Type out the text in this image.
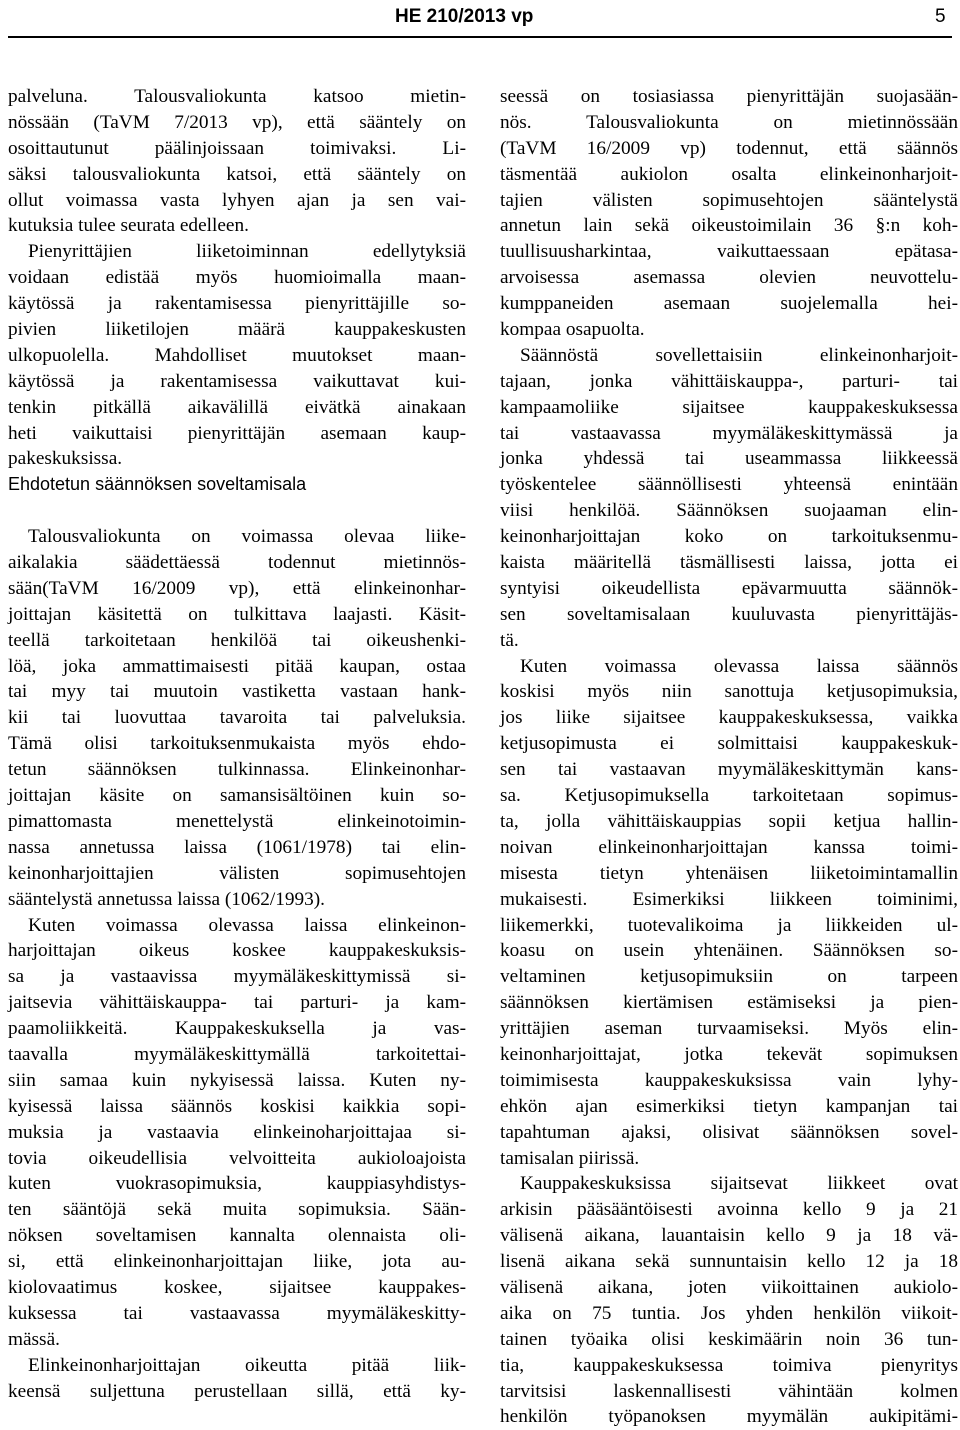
HE 210/2013 vp	5
palveluna. Talousvaliokunta katsoo mietin-
nössään (TaVM 7/2013 vp), että sääntely on
osoittautunut päälinjoissaan toimivaksi. Li-
säksi talousvaliokunta katsoi, että sääntely on
ollut voimassa vasta lyhyen ajan ja sen vai-
kutuksia tulee seurata edelleen.
Pienyrittäjien liiketoiminnan edellytyksiä
voidaan edistää myös huomioimalla maan-
käytössä ja rakentamisessa pienyrittäjille so-
pivien liiketilojen määrä kauppakeskusten
ulkopuolella. Mahdolliset muutokset maan-
käytössä ja rakentamisessa vaikuttavat kui-
tenkin pitkällä aikavälillä eivätkä ainakaan
heti vaikuttaisi pienyrittäjän asemaan kaup-
pakeskuksissa.
Ehdotetun säännöksen soveltamisala
Talousvaliokunta on voimassa olevaa liike-
aikalakia säädettäessä todennut mietinnös-
sään(TaVM 16/2009 vp), että elinkeinonhar-
joittajan käsitettä on tulkittava laajasti. Käsit-
teellä tarkoitetaan henkilöä tai oikeushenki-
löä, joka ammattimaisesti pitää kaupan, ostaa
tai myy tai muutoin vastiketta vastaan hank-
kii tai luovuttaa tavaroita tai palveluksia.
Tämä olisi tarkoituksenmukaista myös ehdo-
tetun säännöksen tulkinnassa. Elinkeinonhar-
joittajan käsite on samansisältöinen kuin so-
pimattomasta menettelystä elinkeinotoimin-
nassa annetussa laissa (1061/1978) tai elin-
keinonharjoittajien välisten sopimusehtojen
sääntelystä annetussa laissa (1062/1993).
Kuten voimassa olevassa laissa elinkeinon-
harjoittajan oikeus koskee kauppakeskuksis-
sa ja vastaavissa myymäläkeskittymissä si-
jaitsevia vähittäiskauppa- tai parturi- ja kam-
paamoliikkeitä. Kauppakeskuksella ja vas-
taavalla myymäläkeskittymällä tarkoitettai-
siin samaa kuin nykyisessä laissa. Kuten ny-
kyisessä laissa säännös koskisi kaikkia sopi-
muksia ja vastaavia elinkeinoharjoittajaa si-
tovia oikeudellisia velvoitteita aukioloajoista
kuten vuokrasopimuksia, kauppiasyhdistys-
ten sääntöjä sekä muita sopimuksia. Sään-
nöksen soveltamisen kannalta olennaista oli-
si, että elinkeinonharjoittajan liike, jota au-
kiolovaatimus koskee, sijaitsee kauppakes-
kuksessa tai vastaavassa myymäläkeskitty-
mässä.
Elinkeinonharjoittajan oikeutta pitää liik-
keensä suljettuna perustellaan sillä, että ky-
seessä on tosiasiassa pienyrittäjän suojasään-
nös. Talousvaliokunta on mietinnössään
(TaVM 16/2009 vp) todennut, että säännös
täsmentää aukiolon osalta elinkeinonharjoit-
tajien välisten sopimusehtojen sääntelystä
annetun lain sekä oikeustoimilain 36 §:n koh-
tuullisuusharkintaa, vaikuttaessaan epätasa-
arvoisessa asemassa olevien neuvottelu-
kumppaneiden asemaan suojelemalla hei-
kompaa osapuolta.
Säännöstä sovellettaisiin elinkeinonharjoit-
tajaan, jonka vähittäiskauppa-, parturi- tai
kampaamoliike sijaitsee kauppakeskuksessa
tai vastaavassa myymäläkeskittymässä ja
jonka yhdessä tai useammassa liikkeessä
työskentelee säännöllisesti yhteensä enintään
viisi henkilöä. Säännöksen suojaaman elin-
keinonharjoittajan koko on tarkoituksenmu-
kaista määritellä täsmällisesti laissa, jotta ei
syntyisi oikeudellista epävarmuutta säännök-
sen soveltamisalaan kuuluvasta pienyrittäjäs-
tä.
Kuten voimassa olevassa laissa säännös
koskisi myös niin sanottuja ketjusopimuksia,
jos liike sijaitsee kauppakeskuksessa, vaikka
ketjusopimusta ei solmittaisi kauppakeskuk-
sen tai vastaavan myymäläkeskittymän kans-
sa. Ketjusopimuksella tarkoitetaan sopimus-
ta, jolla vähittäiskauppias sopii ketjua hallin-
noivan elinkeinonharjoittajan kanssa toimi-
misesta tietyn yhtenäisen liiketoimintamallin
mukaisesti. Esimerkiksi liikkeen toiminimi,
liikemerkki, tuotevalikoima ja liikkeiden ul-
koasu on usein yhtenäinen. Säännöksen so-
veltaminen ketjusopimuksiin on tarpeen
säännöksen kiertämisen estämiseksi ja pien-
yrittäjien aseman turvaamiseksi. Myös elin-
keinonharjoittajat, jotka tekevät sopimuksen
toimimisesta kauppakeskuksissa vain lyhy-
ehkön ajan esimerkiksi tietyn kampanjan tai
tapahtuman ajaksi, olisivat säännöksen sovel-
tamisalan piirissä.
Kauppakeskuksissa sijaitsevat liikkeet ovat
arkisin pääsääntöisesti avoinna kello 9 ja 21
välisenä aikana, lauantaisin kello 9 ja 18 vä-
lisenä aikana sekä sunnuntaisin kello 12 ja 18
välisenä aikana, joten viikoittainen aukiolo-
aika on 75 tuntia. Jos yhden henkilön viikoit-
tainen työaika olisi keskimäärin noin 36 tun-
tia, kauppakeskuksessa toimiva pienyritys
tarvitsisi laskennallisesti vähintään kolmen
henkilön työpanoksen myymälän aukipitämi-
